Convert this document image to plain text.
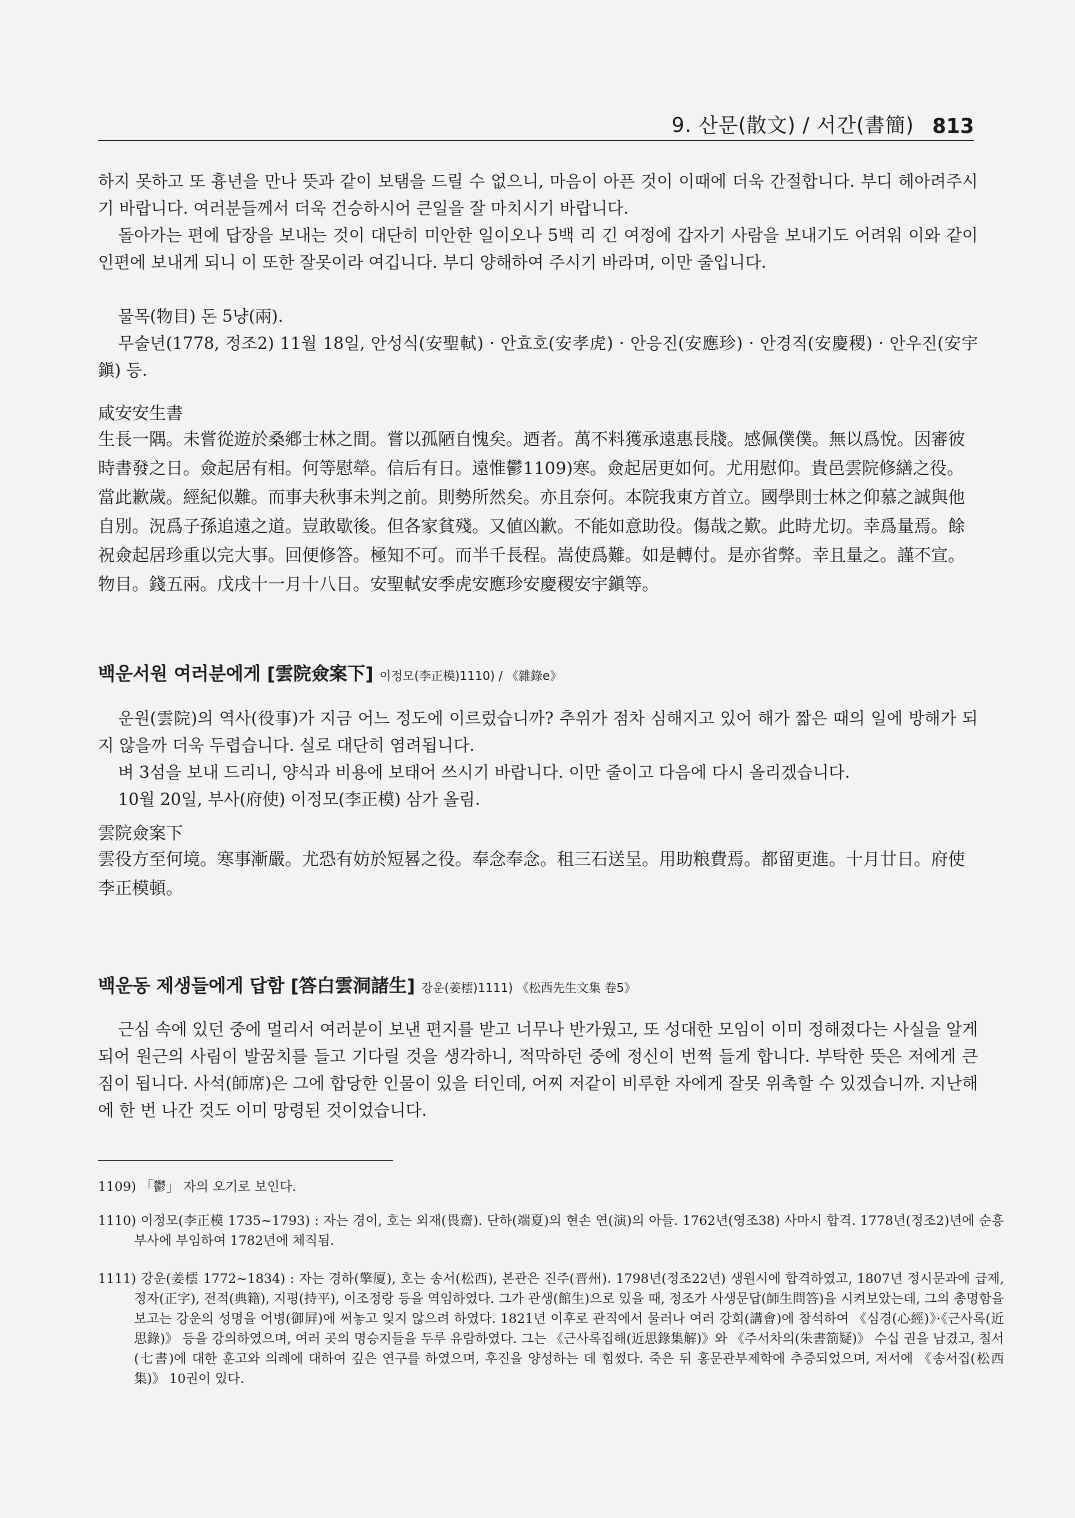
9. 산문(散文) / 서간(書簡) 813

하지 못하고 또 흉년을 만나 뜻과 같이 보탬을 드릴 수 없으니, 마음이 아픈 것이 이때에 더욱 간절합니다. 부디 헤아려주시기 바랍니다. 여러분들께서 더욱 건승하시어 큰일을 잘 마치시기 바랍니다.

돌아가는 편에 답장을 보내는 것이 대단히 미안한 일이오나 5백 리 긴 여정에 갑자기 사람을 보내기도 어려워 이와 같이 인편에 보내게 되니 이 또한 잘못이라 여깁니다. 부디 양해하여 주시기 바라며, 이만 줄입니다.

물목(物目) 돈 5냥(兩).

무술년(1778, 정조2) 11월 18일, 안성식(安聖軾) · 안효호(安孝虎) · 안응진(安應珍) · 안경직(安慶稷) · 안우진(安宇鎭) 등.

咸安安生書

生長一隅。未嘗從遊於桑鄕士林之間。嘗以孤陋自愧矣。迺者。萬不料獲承遠惠長牋。感佩僕僕。無以爲悅。因審彼時書發之日。僉起居有相。何等慰犖。信后有日。遠惟鬱1109)寒。僉起居更如何。尤用慰仰。貴邑雲院修繕之役。當此歉歲。經紀似難。而事夫秋事未判之前。則勢所然矣。亦且奈何。本院我東方首立。國學則士林之仰慕之誠與他自別。況爲子孫追遠之道。豈敢歇後。但各家貧殘。又値凶歉。不能如意助役。傷哉之歎。此時尤切。幸爲量焉。餘祝僉起居珍重以完大事。回便修答。極知不可。而半千長程。嵩使爲難。如是轉付。是亦省弊。幸且量之。謹不宣。物目。錢五兩。戊戌十一月十八日。安聖軾安季虎安應珍安慶稷安宇鎭等。

백운서원 여러분에게 [雲院僉案下] 이정모(李正模)1110) / 《雜錄e》

운원(雲院)의 역사(役事)가 지금 어느 정도에 이르렀습니까? 추위가 점차 심해지고 있어 해가 짧은 때의 일에 방해가 되지 않을까 더욱 두렵습니다. 실로 대단히 염려됩니다.

벼 3섬을 보내 드리니, 양식과 비용에 보태어 쓰시기 바랍니다. 이만 줄이고 다음에 다시 올리겠습니다.

10월 20일, 부사(府使) 이정모(李正模) 삼가 올림.

雲院僉案下

雲役方至何境。寒事漸嚴。尤恐有妨於短晷之役。奉念奉念。租三石送呈。用助粮費焉。都留更進。十月廿日。府使李正模頓。

백운동 제생들에게 답함 [答白雲洞諸生] 강운(姜橒)1111) 《松西先生文集 卷5》

근심 속에 있던 중에 멀리서 여러분이 보낸 편지를 받고 너무나 반가웠고, 또 성대한 모임이 이미 정해졌다는 사실을 알게 되어 원근의 사림이 발꿈치를 들고 기다릴 것을 생각하니, 적막하던 중에 정신이 번쩍 들게 합니다. 부탁한 뜻은 저에게 큰 짐이 됩니다. 사석(師席)은 그에 합당한 인물이 있을 터인데, 어찌 저같이 비루한 자에게 잘못 위촉할 수 있겠습니까. 지난해에 한 번 나간 것도 이미 망령된 것이었습니다.

1109) 「鬱」 자의 오기로 보인다.

1110) 이정모(李正模 1735~1793) : 자는 경이, 호는 외재(畏齋). 단하(端夏)의 현손 연(演)의 아들. 1762년(영조38) 사마시 합격. 1778년(정조2)년에 순흥부사에 부임하여 1782년에 체직됨.

1111) 강운(姜橒 1772~1834) : 자는 경하(擎厦), 호는 송서(松西), 본관은 진주(晋州). 1798년(정조22년) 생원시에 합격하였고, 1807년 정시문과에 급제, 정자(正字), 전적(典籍), 지평(持平), 이조정랑 등을 역임하였다. 그가 관생(館生)으로 있을 때, 정조가 사생문답(師生問答)을 시켜보았는데, 그의 총명함을 보고는 강운의 성명을 어병(御屛)에 써놓고 잊지 않으려 하였다. 1821년 이후로 관직에서 물러나 여러 강회(講會)에 참석하여 《심경(心經)》·《근사록(近思錄)》 등을 강의하였으며, 여러 곳의 명승지들을 두루 유람하였다. 그는 《근사록집해(近思錄集解)》와 《주서차의(朱書箚疑)》 수십 권을 남겼고, 칠서(七書)에 대한 훈고와 의례에 대하여 깊은 연구를 하였으며, 후진을 양성하는 데 힘썼다. 죽은 뒤 홍문관부제학에 추증되었으며, 저서에 《송서집(松西集)》 10권이 있다.
